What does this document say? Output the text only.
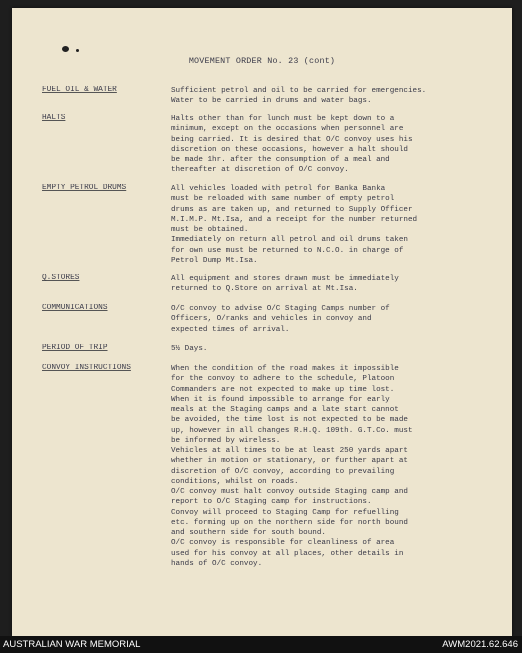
MOVEMENT ORDER No. 23 (cont)
FUEL OIL & WATER	Sufficient petrol and oil to be carried for emergencies.
Water to be carried in drums and water bags.
HALTS	Halts other than for lunch must be kept down to a
minimum, except on the occasions when personnel are
being carried. It is desired that O/C convoy uses his
discretion on these occasions, however a halt should
be made 1hr. after the consumption of a meal and
thereafter at discretion of O/C convoy.
EMPTY PETROL DRUMS	All vehicles loaded with petrol for Banka Banka
must be reloaded with same number of empty petrol
drums as are taken up, and returned to Supply Officer
M.I.M.P. Mt.Isa, and a receipt for the number returned
must be obtained.
Immediately on return all petrol and oil drums taken
for own use must be returned to N.C.O. in charge of
Petrol Dump Mt.Isa.
Q.STORES	All equipment and stores drawn must be immediately
returned to Q.Store on arrival at Mt.Isa.
COMMUNICATIONS	O/C convoy to advise O/C Staging Camps number of
Officers, O/ranks and vehicles in convoy and
expected times of arrival.
PERIOD OF TRIP	5½ Days.
CONVOY INSTRUCTIONS	When the condition of the road makes it impossible
for the convoy to adhere to the schedule, Platoon
Commanders are not expected to make up time lost.
When it is found impossible to arrange for early
meals at the Staging camps and a late start cannot
be avoided, the time lost is not expected to be made
up, however in all changes R.H.Q. 109th. G.T.Co. must
be informed by wireless.
Vehicles at all times to be at least 250 yards apart
whether in motion or stationary, or further apart at
discretion of O/C convoy, according to prevailing
conditions, whilst on roads.
O/C convoy must halt convoy outside Staging camp and
report to O/C Staging camp for instructions.
Convoy will proceed to Staging Camp for refuelling
etc. forming up on the northern side for north bound
and southern side for south bound.
O/C convoy is responsible for cleanliness of area
used for his convoy at all places, other details in
hands of O/C convoy.
AUSTRALIAN WAR MEMORIAL	AWM2021.62.646
